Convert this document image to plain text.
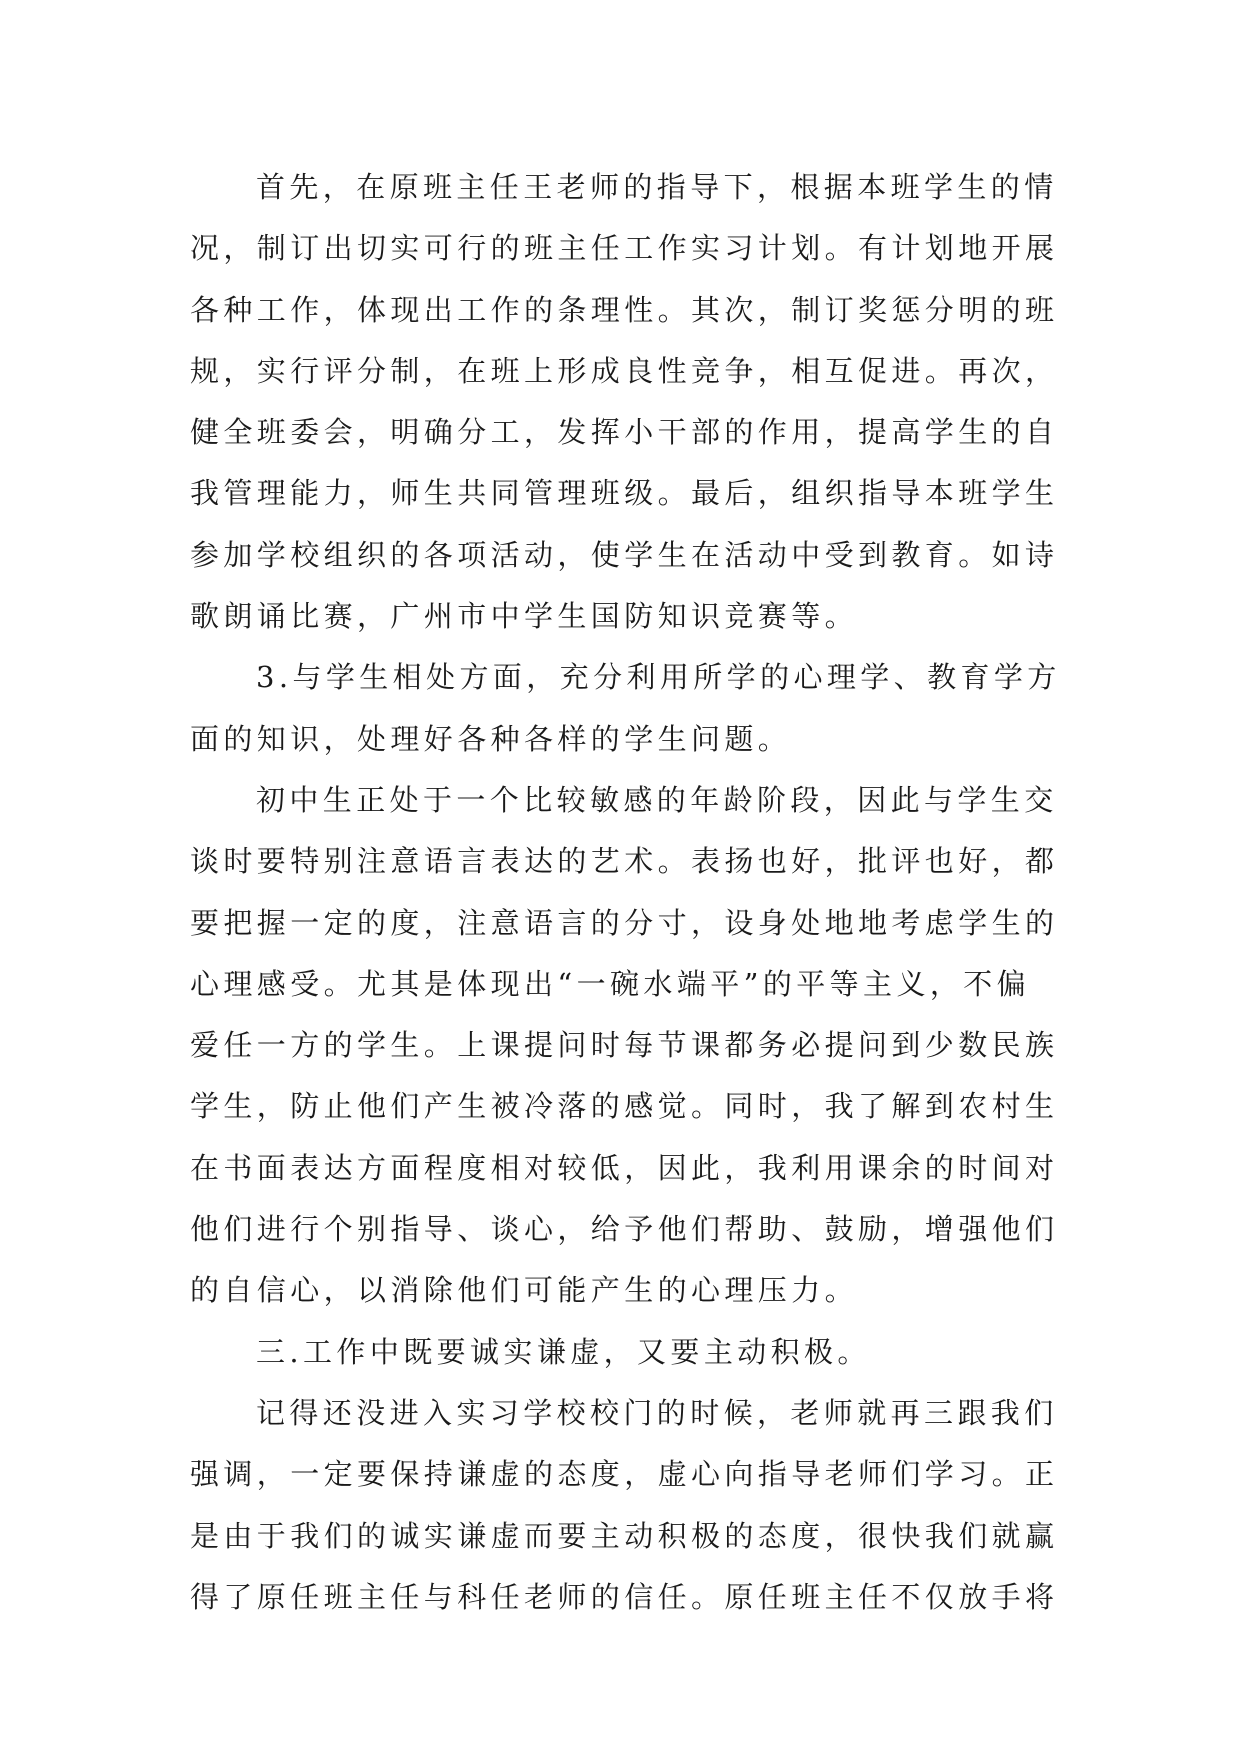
首先，在原班主任王老师的指导下，根据本班学生的情
况，制订出切实可行的班主任工作实习计划。有计划地开展
各种工作，体现出工作的条理性。其次，制订奖惩分明的班
规，实行评分制，在班上形成良性竞争，相互促进。再次，
健全班委会，明确分工，发挥小干部的作用，提高学生的自
我管理能力，师生共同管理班级。最后，组织指导本班学生
参加学校组织的各项活动，使学生在活动中受到教育。如诗
歌朗诵比赛，广州市中学生国防知识竞赛等。
3.与学生相处方面，充分利用所学的心理学、教育学方
面的知识，处理好各种各样的学生问题。
初中生正处于一个比较敏感的年龄阶段，因此与学生交
谈时要特别注意语言表达的艺术。表扬也好，批评也好，都
要把握一定的度，注意语言的分寸，设身处地地考虑学生的
心理感受。尤其是体现出“一碗水端平”的平等主义，不偏
爱任一方的学生。上课提问时每节课都务必提问到少数民族
学生，防止他们产生被冷落的感觉。同时，我了解到农村生
在书面表达方面程度相对较低，因此，我利用课余的时间对
他们进行个别指导、谈心，给予他们帮助、鼓励，增强他们
的自信心，以消除他们可能产生的心理压力。
三.工作中既要诚实谦虚，又要主动积极。
记得还没进入实习学校校门的时候，老师就再三跟我们
强调，一定要保持谦虚的态度，虚心向指导老师们学习。正
是由于我们的诚实谦虚而要主动积极的态度，很快我们就赢
得了原任班主任与科任老师的信任。原任班主任不仅放手将
